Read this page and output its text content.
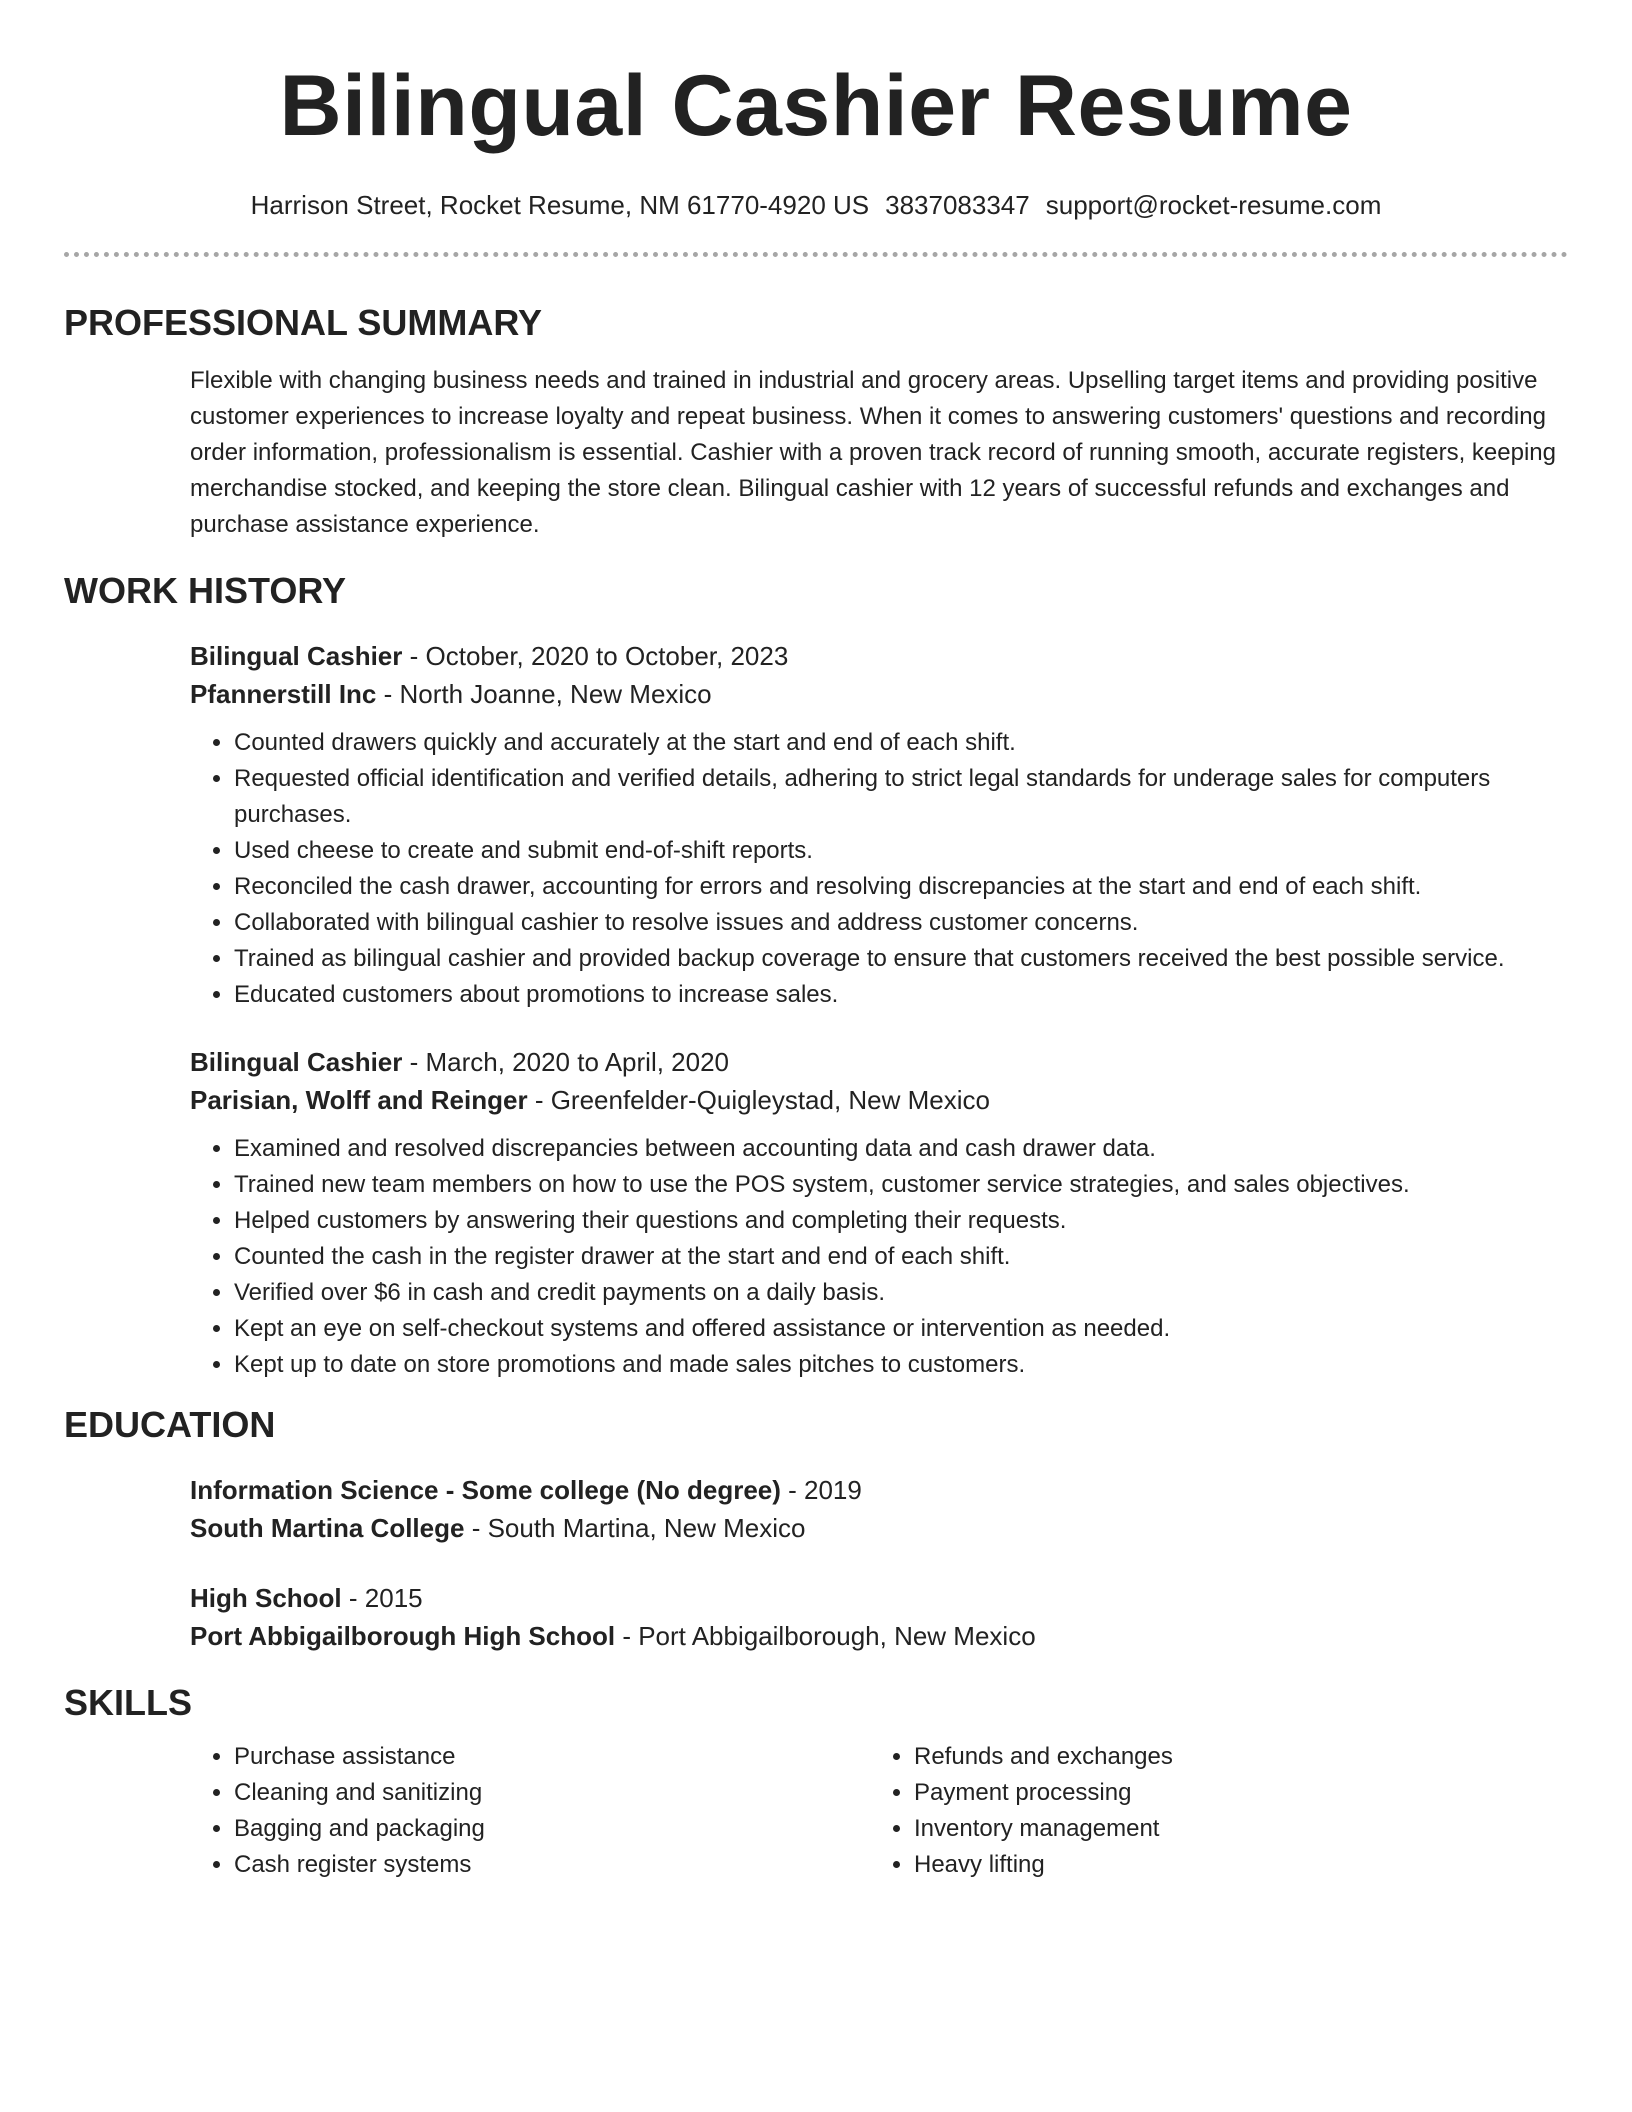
Bilingual Cashier Resume
Harrison Street, Rocket Resume, NM 61770-4920 US 3837083347 support@rocket-resume.com
PROFESSIONAL SUMMARY

Flexible with changing business needs and trained in industrial and grocery areas. Upselling target items and providing positive customer experiences to increase loyalty and repeat business. When it comes to answering customers' questions and recording order information, professionalism is essential. Cashier with a proven track record of running smooth, accurate registers, keeping merchandise stocked, and keeping the store clean. Bilingual cashier with 12 years of successful refunds and exchanges and purchase assistance experience.

WORK HISTORY
Bilingual Cashier - October, 2020 to October, 2023
Pfannerstill Inc - North Joanne, New Mexico
• Counted drawers quickly and accurately at the start and end of each shift.
• Requested official identification and verified details, adhering to strict legal standards for underage sales for computers purchases.
• Used cheese to create and submit end-of-shift reports.
• Reconciled the cash drawer, accounting for errors and resolving discrepancies at the start and end of each shift.
• Collaborated with bilingual cashier to resolve issues and address customer concerns.
• Trained as bilingual cashier and provided backup coverage to ensure that customers received the best possible service.
• Educated customers about promotions to increase sales.
Bilingual Cashier - March, 2020 to April, 2020
Parisian, Wolff and Reinger - Greenfelder-Quigleystad, New Mexico
• Examined and resolved discrepancies between accounting data and cash drawer data.
• Trained new team members on how to use the POS system, customer service strategies, and sales objectives.
• Helped customers by answering their questions and completing their requests.
• Counted the cash in the register drawer at the start and end of each shift.
• Verified over $6 in cash and credit payments on a daily basis.
• Kept an eye on self-checkout systems and offered assistance or intervention as needed.
• Kept up to date on store promotions and made sales pitches to customers.
EDUCATION
Information Science - Some college (No degree) - 2019
South Martina College - South Martina, New Mexico
High School - 2015
Port Abbigailborough High School - Port Abbigailborough, New Mexico
SKILLS
• Purchase assistance
• Cleaning and sanitizing
• Bagging and packaging
• Cash register systems
• Refunds and exchanges
• Payment processing
• Inventory management
• Heavy lifting
